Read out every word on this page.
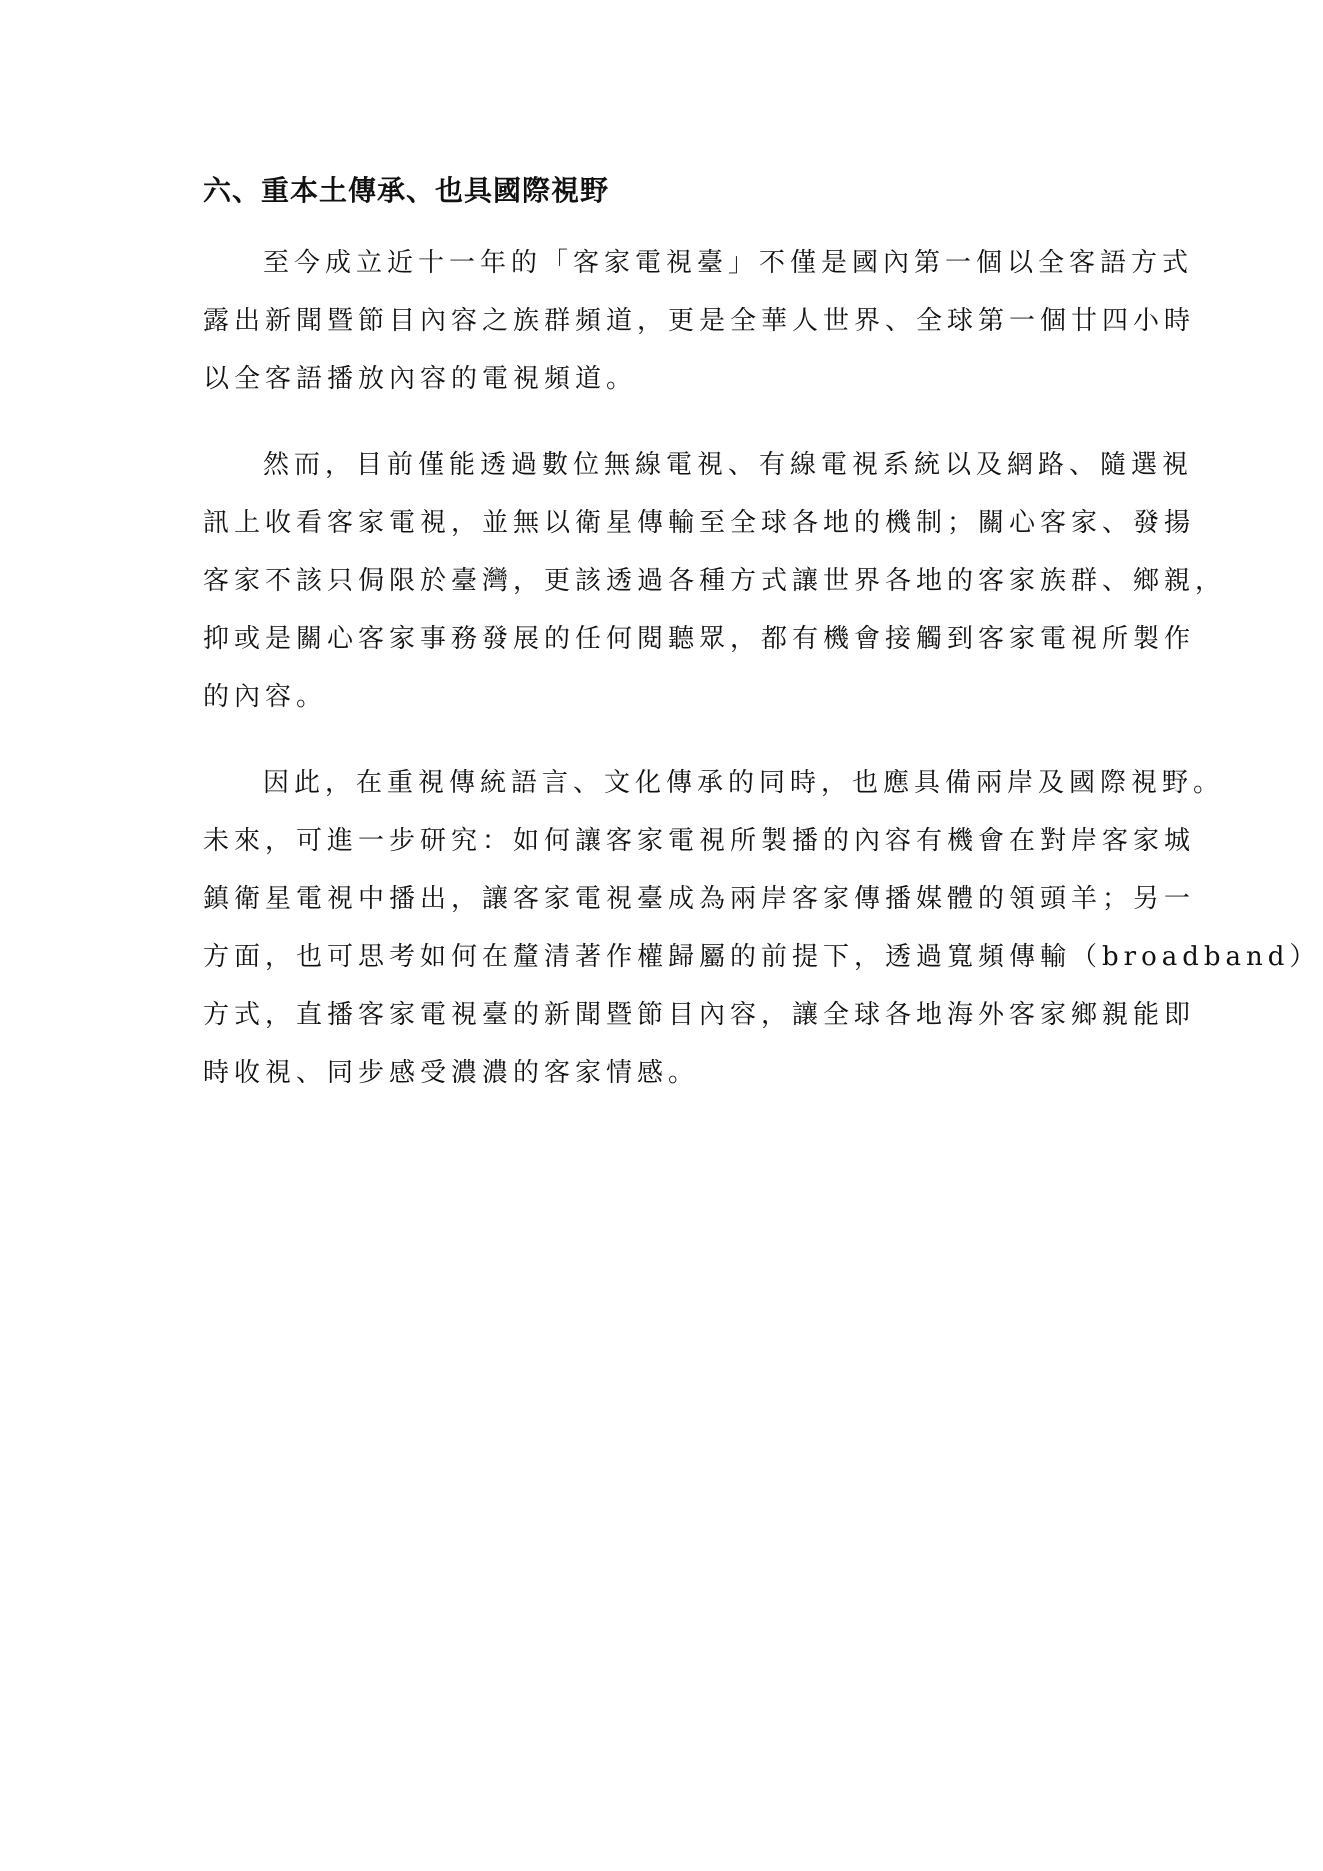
六、重本土傳承、也具國際視野

至今成立近十一年的「客家電視臺」不僅是國內第一個以全客語方式
露出新聞暨節目內容之族群頻道，更是全華人世界、全球第一個廿四小時
以全客語播放內容的電視頻道。

然而，目前僅能透過數位無線電視、有線電視系統以及網路、隨選視
訊上收看客家電視，並無以衛星傳輸至全球各地的機制；關心客家、發揚
客家不該只侷限於臺灣，更該透過各種方式讓世界各地的客家族群、鄉親，
抑或是關心客家事務發展的任何閱聽眾，都有機會接觸到客家電視所製作
的內容。

因此，在重視傳統語言、文化傳承的同時，也應具備兩岸及國際視野。
未來，可進一步研究：如何讓客家電視所製播的內容有機會在對岸客家城
鎮衛星電視中播出，讓客家電視臺成為兩岸客家傳播媒體的領頭羊；另一
方面，也可思考如何在釐清著作權歸屬的前提下，透過寬頻傳輸（broadband）
方式，直播客家電視臺的新聞暨節目內容，讓全球各地海外客家鄉親能即
時收視、同步感受濃濃的客家情感。
